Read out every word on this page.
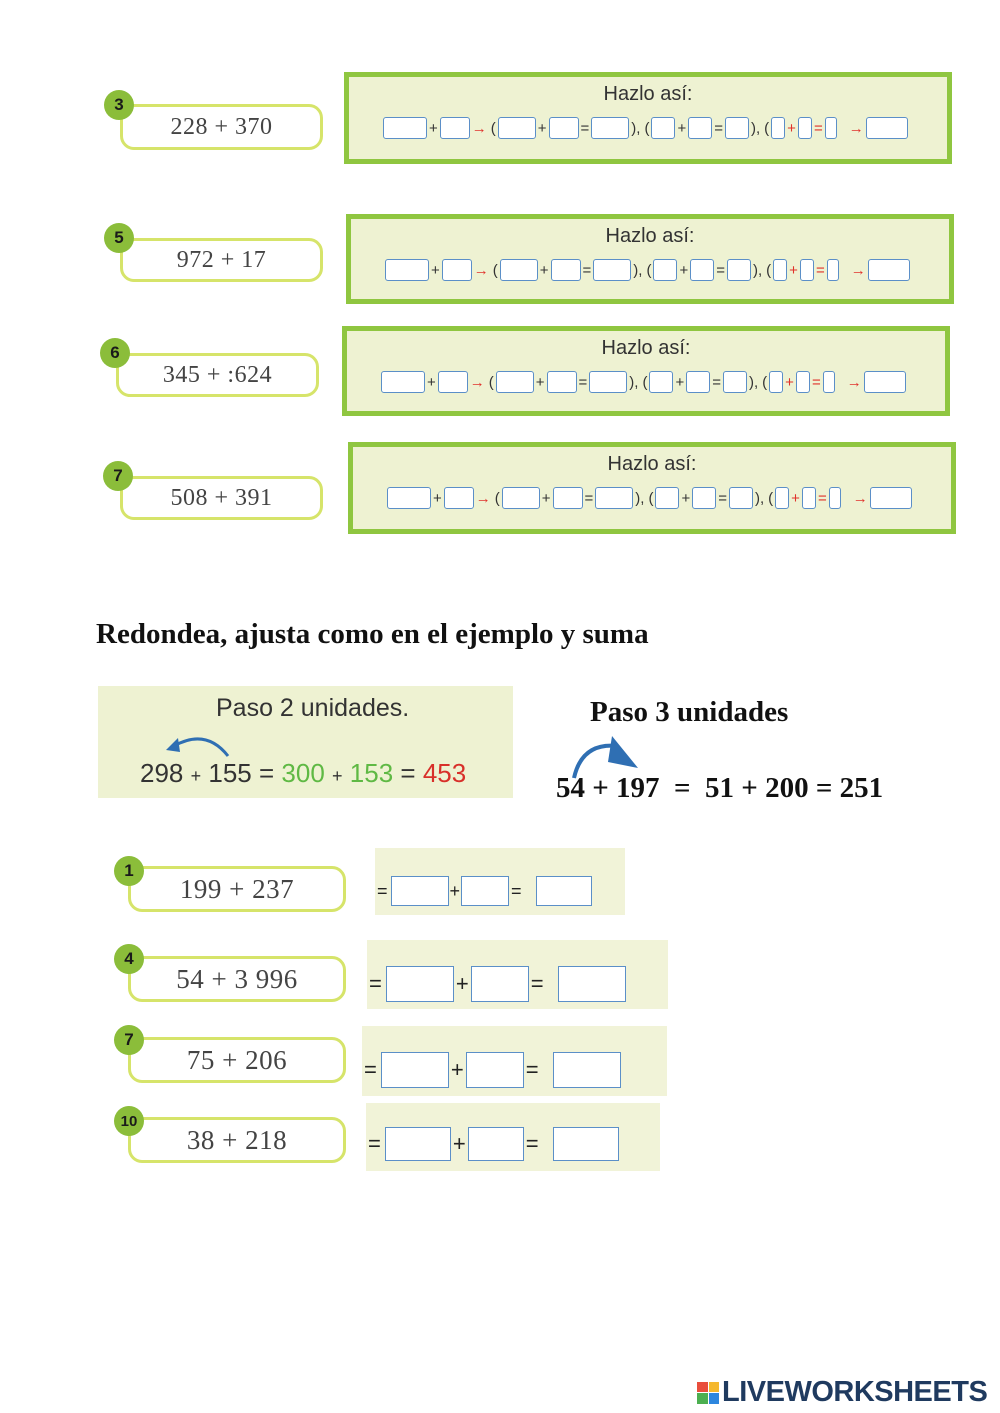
228 + 370
3	Hazlo así:
+ → (	+ =	), ( + = ), ( + = →
972 + 17
5	Hazlo así:
+ → (	+ =	), ( + = ), ( + = →
345 + :624
6	Hazlo así:
+ → (	+ =	), ( + = ), ( + = →
508 + 391
7
Hazlo así:
+ → (	+ =	), ( + = ), ( + = →
Redondea, ajusta como en el ejemplo y suma
Paso 2 unidades.
298 + 155 = 300 + 153 = 453
Paso 3 unidades
54 + 197  =  51 + 200 = 251
199 + 237
1
=	+	=
54 + 3 996
4
=	+	=
75 + 206
7
=	+	=
38 + 218
10
=	+	=
LIVEWORKSHEETS
